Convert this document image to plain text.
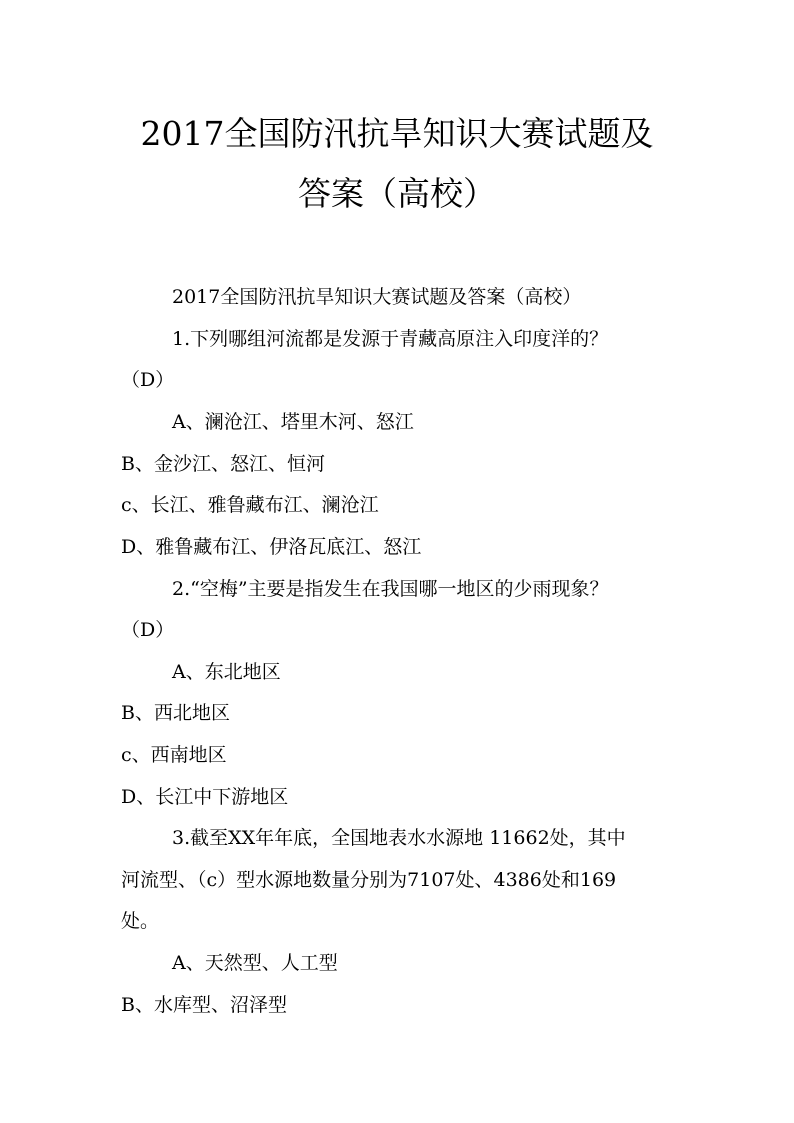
2017全国防汛抗旱知识大赛试题及
答案（高校）

2017全国防汛抗旱知识大赛试题及答案（高校）

1.下列哪组河流都是发源于青藏高原注入印度洋的？

（D）

A、澜沧江、塔里木河、怒江

B、金沙江、怒江、恒河

c、长江、雅鲁藏布江、澜沧江

D、雅鲁藏布江、伊洛瓦底江、怒江

2.“空梅”主要是指发生在我国哪一地区的少雨现象？

（D）

A、东北地区

B、西北地区

c、西南地区

D、长江中下游地区

3.截至XX年年底，全国地表水水源地 11662处，其中

河流型、（c）型水源地数量分别为7107处、4386处和169

处。

A、天然型、人工型

B、水库型、沼泽型
